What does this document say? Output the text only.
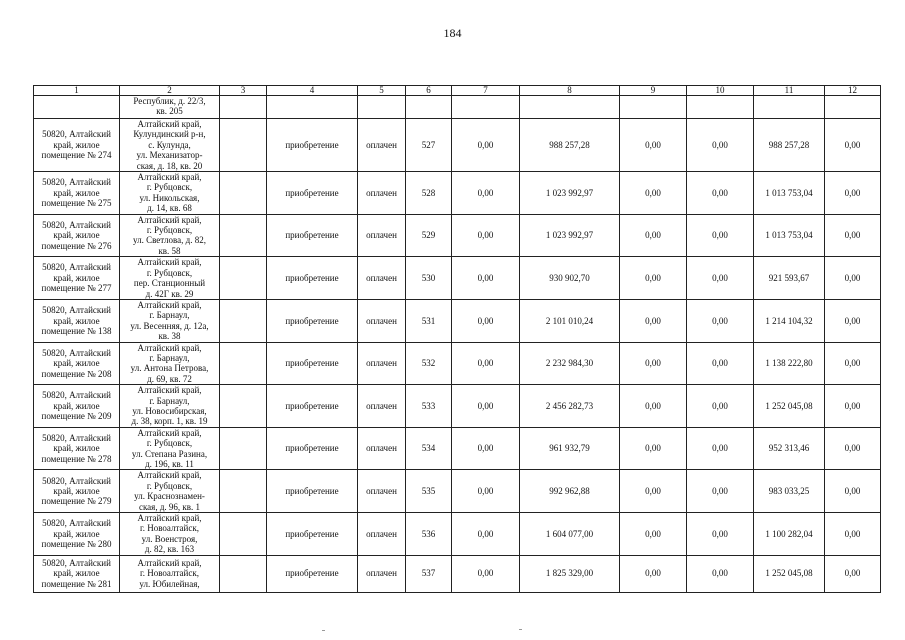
184
1	2	3	4	5	6	7	8	9	10	11	12
	Республик, д. 22/3,
кв. 205										
50820, Алтайский
край, жилое
помещение № 274	Алтайский край,
Кулундинский р-н,
с. Кулунда,
ул. Механизатор-
ская, д. 18, кв. 20		приобретение	оплачен	527	0,00	988 257,28	0,00	0,00	988 257,28	0,00
50820, Алтайский
край, жилое
помещение № 275	Алтайский край,
г. Рубцовск,
ул. Никольская,
д. 14, кв. 68		приобретение	оплачен	528	0,00	1 023 992,97	0,00	0,00	1 013 753,04	0,00
50820, Алтайский
край, жилое
помещение № 276	Алтайский край,
г. Рубцовск,
ул. Светлова, д. 82,
кв. 58		приобретение	оплачен	529	0,00	1 023 992,97	0,00	0,00	1 013 753,04	0,00
50820, Алтайский
край, жилое
помещение № 277	Алтайский край,
г. Рубцовск,
пер. Станционный
д. 42Г кв. 29		приобретение	оплачен	530	0,00	930 902,70	0,00	0,00	921 593,67	0,00
50820, Алтайский
край, жилое
помещение № 138	Алтайский край,
г. Барнаул,
ул. Весенняя, д. 12а,
кв. 38		приобретение	оплачен	531	0,00	2 101 010,24	0,00	0,00	1 214 104,32	0,00
50820, Алтайский
край, жилое
помещение № 208	Алтайский край,
г. Барнаул,
ул. Антона Петрова,
д. 69, кв. 72		приобретение	оплачен	532	0,00	2 232 984,30	0,00	0,00	1 138 222,80	0,00
50820, Алтайский
край, жилое
помещение № 209	Алтайский край,
г. Барнаул,
ул. Новосибирская,
д. 38, корп. 1, кв. 19		приобретение	оплачен	533	0,00	2 456 282,73	0,00	0,00	1 252 045,08	0,00
50820, Алтайский
край, жилое
помещение № 278	Алтайский край,
г. Рубцовск,
ул. Степана Разина,
д. 196, кв. 11		приобретение	оплачен	534	0,00	961 932,79	0,00	0,00	952 313,46	0,00
50820, Алтайский
край, жилое
помещение № 279	Алтайский край,
г. Рубцовск,
ул. Краснознамен-
ская, д. 96, кв. 1		приобретение	оплачен	535	0,00	992 962,88	0,00	0,00	983 033,25	0,00
50820, Алтайский
край, жилое
помещение № 280	Алтайский край,
г. Новоалтайск,
ул. Военстроя,
д. 82, кв. 163		приобретение	оплачен	536	0,00	1 604 077,00	0,00	0,00	1 100 282,04	0,00
50820, Алтайский
край, жилое
помещение № 281	Алтайский край,
г. Новоалтайск,
ул. Юбилейная,		приобретение	оплачен	537	0,00	1 825 329,00	0,00	0,00	1 252 045,08	0,00
